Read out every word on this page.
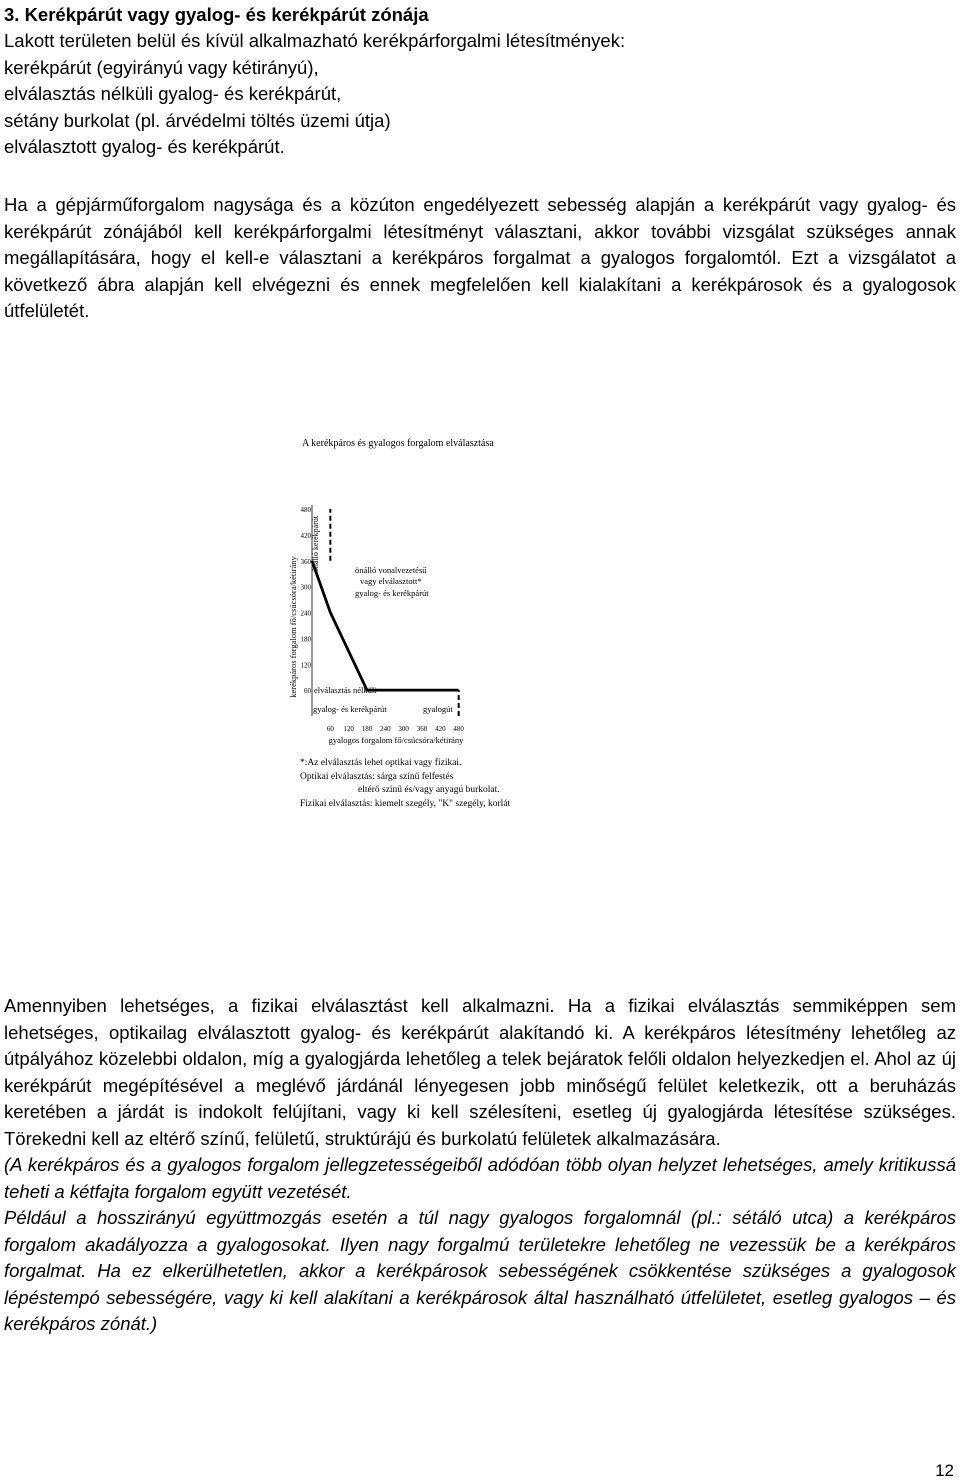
3. Kerékpárút vagy gyalog- és kerékpárút zónája
Lakott területen belül és kívül alkalmazható kerékpárforgalmi létesítmények:
kerékpárút (egyirányú vagy kétirányú),
elválasztás nélküli gyalog- és kerékpárút,
sétány burkolat (pl. árvédelmi töltés üzemi útja)
elválasztott gyalog- és kerékpárút.

Ha a gépjárműforgalom nagysága és a közúton engedélyezett sebesség alapján a kerékpárút vagy gyalog- és kerékpárút zónájából kell kerékpárforgalmi létesítményt választani, akkor további vizsgálat szükséges annak megállapítására, hogy el kell-e választani a kerékpáros forgalmat a gyalogos forgalomtól. Ezt a vizsgálatot a következő ábra alapján kell elvégezni és ennek megfelelően kell kialakítani a kerékpárosok és a gyalogosok útfelületét.

A kerékpáros és gyalogos forgalom elválasztása
60
120
180
240
300
360
420
480
60 120 180 240 300 360 420 480
kerékpáros forgalom fő/csúcsóra/kétirány
gyalogos forgalom fő/csúcsóra/kétirány
önálló kerékpárút	önálló vonalvezetésű
vagy elválasztott*
gyalog- és kerékpárút
elválasztás nélküli
gyalog- és kerékpárút	gyalogút
*:Az elválasztás lehet optikai vagy fizikai.
Optikai elválasztás: sárga színű felfestés
eltérő színű és/vagy anyagú burkolat.
Fizikai elválasztás: kiemelt szegély, "K" szegély, korlát
Amennyiben lehetséges, a fizikai elválasztást kell alkalmazni. Ha a fizikai elválasztás semmiképpen sem lehetséges, optikailag elválasztott gyalog- és kerékpárút alakítandó ki. A kerékpáros létesítmény lehetőleg az útpályához közelebbi oldalon, míg a gyalogjárda lehetőleg a telek bejáratok felőli oldalon helyezkedjen el. Ahol az új kerékpárút megépítésével a meglévő járdánál lényegesen jobb minőségű felület keletkezik, ott a beruházás keretében a járdát is indokolt felújítani, vagy ki kell szélesíteni, esetleg új gyalogjárda létesítése szükséges. Törekedni kell az eltérő színű, felületű, struktúrájú és burkolatú felületek alkalmazására.
(A kerékpáros és a gyalogos forgalom jellegzetességeiből adódóan több olyan helyzet lehetséges, amely kritikussá teheti a kétfajta forgalom együtt vezetését.
Például a hosszirányú együttmozgás esetén a túl nagy gyalogos forgalomnál (pl.: sétáló utca) a kerékpáros forgalom akadályozza a gyalogosokat. Ilyen nagy forgalmú területekre lehetőleg ne vezessük be a kerékpáros forgalmat. Ha ez elkerülhetetlen, akkor a kerékpárosok sebességének csökkentése szükséges a gyalogosok lépéstempó sebességére, vagy ki kell alakítani a kerékpárosok által használható útfelületet, esetleg gyalogos – és kerékpáros zónát.)
12
